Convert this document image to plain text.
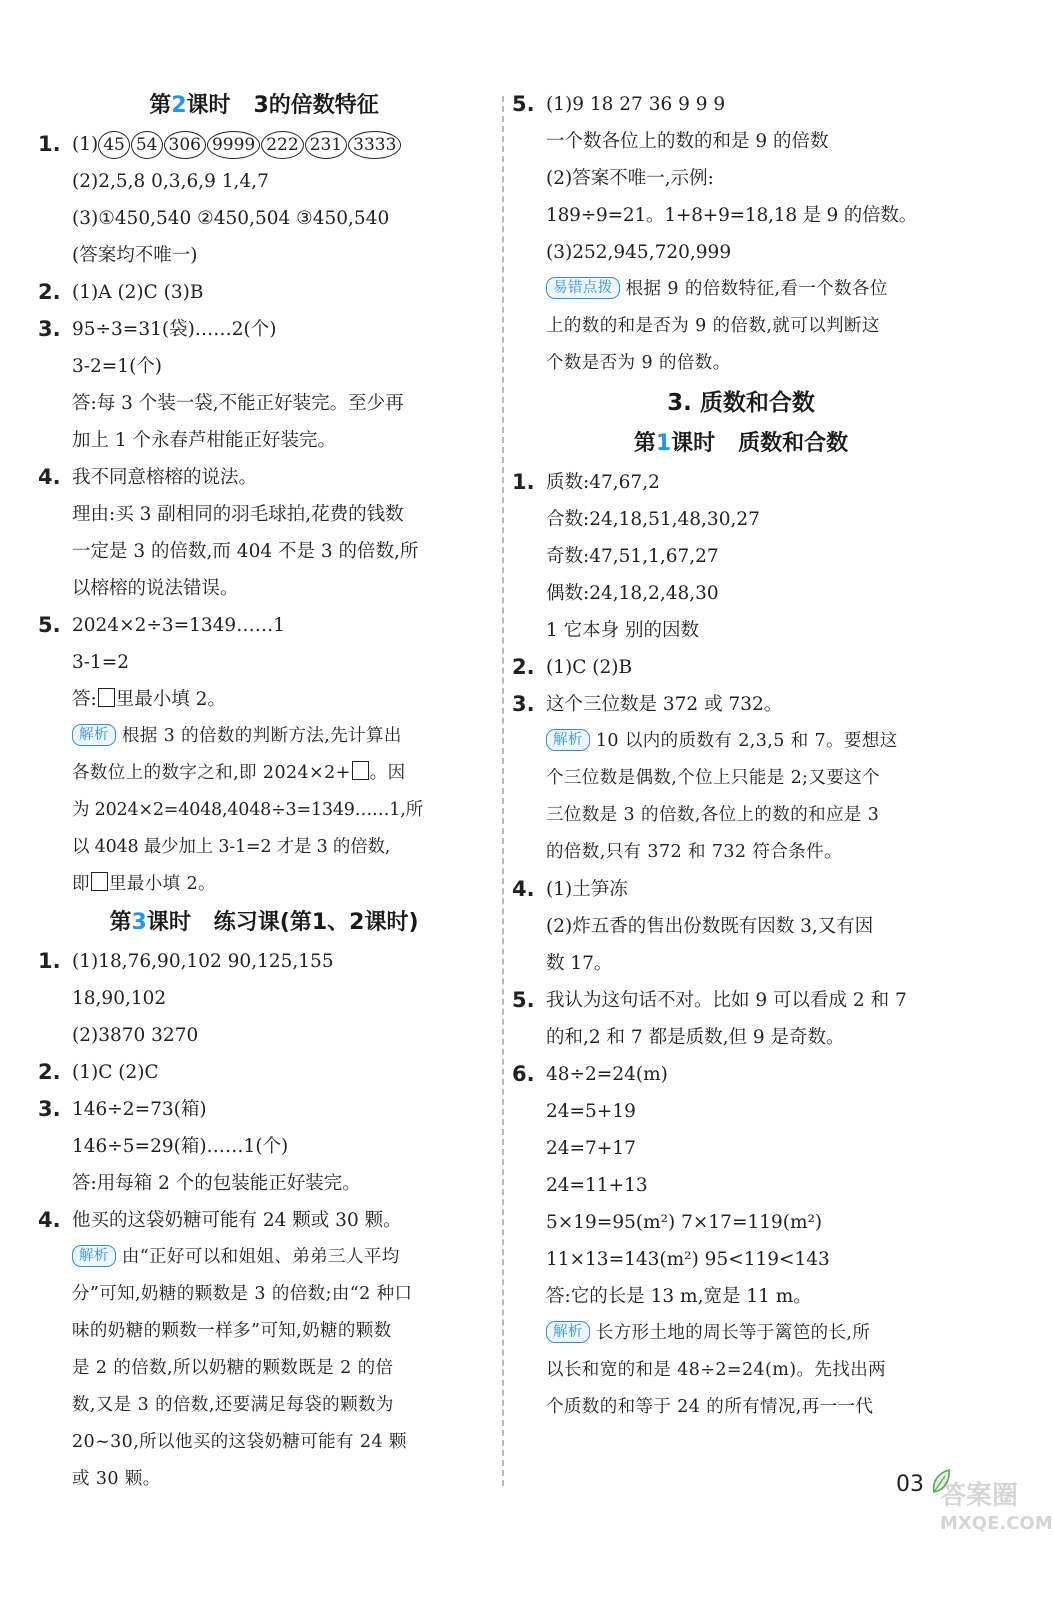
第2课时   3的倍数特征
1. (1) 45 54 306 9999 222 231 3333
(2)2,5,8 0,3,6,9 1,4,7
(3)①450,540 ②450,504 ③450,540
(答案均不唯一)
2. (1)A (2)C (3)B
3. 95÷3=31(袋)……2(个)
3-2=1(个)
答:每 3 个装一袋,不能正好装完。至少再
加上 1 个永春芦柑能正好装完。
4. 我不同意榕榕的说法。
理由:买 3 副相同的羽毛球拍,花费的钱数
一定是 3 的倍数,而 404 不是 3 的倍数,所
以榕榕的说法错误。
5. 2024×2÷3=1349……1
3-1=2
答: 里最小填 2。
解析 根据 3 的倍数的判断方法,先计算出
各数位上的数字之和,即 2024×2+ 。因
为 2024×2=4048,4048÷3=1349……1,所
以 4048 最少加上 3-1=2 才是 3 的倍数,
即 里最小填 2。
第3课时   练习课(第1、2课时)
1. (1)18,76,90,102 90,125,155
18,90,102
(2)3870 3270
2. (1)C (2)C
3. 146÷2=73(箱)
146÷5=29(箱)……1(个)
答:用每箱 2 个的包装能正好装完。
4. 他买的这袋奶糖可能有 24 颗或 30 颗。
解析 由“正好可以和姐姐、弟弟三人平均
分”可知,奶糖的颗数是 3 的倍数;由“2 种口
味的奶糖的颗数一样多”可知,奶糖的颗数
是 2 的倍数,所以奶糖的颗数既是 2 的倍
数,又是 3 的倍数,还要满足每袋的颗数为
20~30,所以他买的这袋奶糖可能有 24 颗
或 30 颗。
5. (1)9 18 27 36 9 9 9
一个数各位上的数的和是 9 的倍数
(2)答案不唯一,示例:
189÷9=21。1+8+9=18,18 是 9 的倍数。
(3)252,945,720,999
易错点拨 根据 9 的倍数特征,看一个数各位
上的数的和是否为 9 的倍数,就可以判断这
个数是否为 9 的倍数。
3. 质数和合数
第1课时   质数和合数
1. 质数:47,67,2
合数:24,18,51,48,30,27
奇数:47,51,1,67,27
偶数:24,18,2,48,30
1 它本身 别的因数
2. (1)C (2)B
3. 这个三位数是 372 或 732。
解析 10 以内的质数有 2,3,5 和 7。要想这
个三位数是偶数,个位上只能是 2;又要这个
三位数是 3 的倍数,各位上的数的和应是 3
的倍数,只有 372 和 732 符合条件。
4. (1)土笋冻
(2)炸五香的售出份数既有因数 3,又有因
数 17。
5. 我认为这句话不对。比如 9 可以看成 2 和 7
的和,2 和 7 都是质数,但 9 是奇数。
6. 48÷2=24(m)
24=5+19
24=7+17
24=11+13
5×19=95(m²) 7×17=119(m²)
11×13=143(m²) 95<119<143
答:它的长是 13 m,宽是 11 m。
解析 长方形土地的周长等于篱笆的长,所
以长和宽的和是 48÷2=24(m)。先找出两
个质数的和等于 24 的所有情况,再一一代
03 答案圈
MXQE.COM
